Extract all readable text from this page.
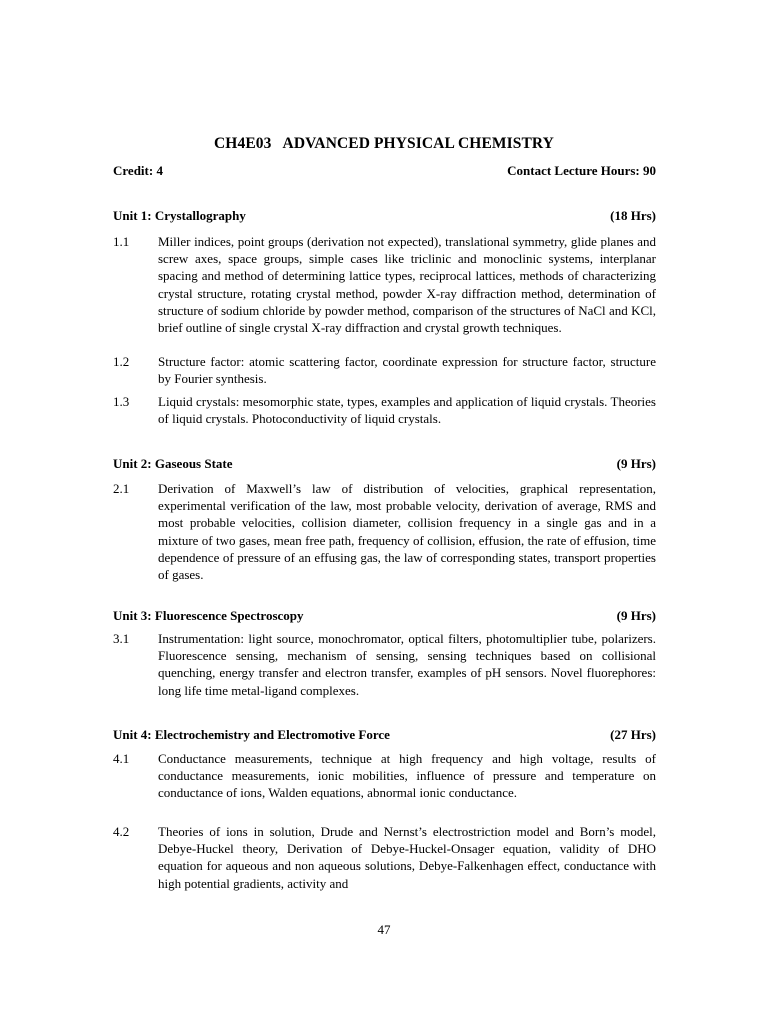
CH4E03   ADVANCED PHYSICAL CHEMISTRY
Credit: 4	Contact Lecture Hours: 90
Unit 1: Crystallography	(18 Hrs)
1.1	Miller indices, point groups (derivation not expected), translational symmetry, glide planes and screw axes, space groups, simple cases like triclinic and monoclinic systems, interplanar spacing and method of determining lattice types, reciprocal lattices, methods of characterizing crystal structure, rotating crystal method, powder X-ray diffraction method, determination of structure of sodium chloride by powder method, comparison of the structures of NaCl and KCl, brief outline of single crystal X-ray diffraction and crystal growth techniques.
1.2	Structure factor: atomic scattering factor, coordinate expression for structure factor, structure by Fourier synthesis.
1.3	Liquid crystals: mesomorphic state, types, examples and application of liquid crystals. Theories of liquid crystals. Photoconductivity of liquid crystals.
Unit 2: Gaseous State	(9 Hrs)
2.1	Derivation of Maxwell’s law of distribution of velocities, graphical representation, experimental verification of the law, most probable velocity, derivation of average, RMS and most probable velocities, collision diameter, collision frequency in a single gas and in a mixture of two gases, mean free path, frequency of collision, effusion, the rate of effusion, time dependence of pressure of an effusing gas, the law of corresponding states, transport properties of gases.
Unit 3: Fluorescence Spectroscopy	(9 Hrs)
3.1	Instrumentation: light source, monochromator, optical filters, photomultiplier tube, polarizers. Fluorescence sensing, mechanism of sensing, sensing techniques based on collisional quenching, energy transfer and electron transfer, examples of pH sensors. Novel fluorephores: long life time metal-ligand complexes.
Unit 4: Electrochemistry and Electromotive Force	(27 Hrs)
4.1	Conductance measurements, technique at high frequency and high voltage, results of conductance measurements, ionic mobilities, influence of pressure and temperature on conductance of ions, Walden equations, abnormal ionic conductance.
4.2	Theories of ions in solution, Drude and Nernst’s electrostriction model and Born’s model, Debye-Huckel theory, Derivation of Debye-Huckel-Onsager equation, validity of DHO equation for aqueous and non aqueous solutions, Debye-Falkenhagen effect, conductance with high potential gradients, activity and
47
